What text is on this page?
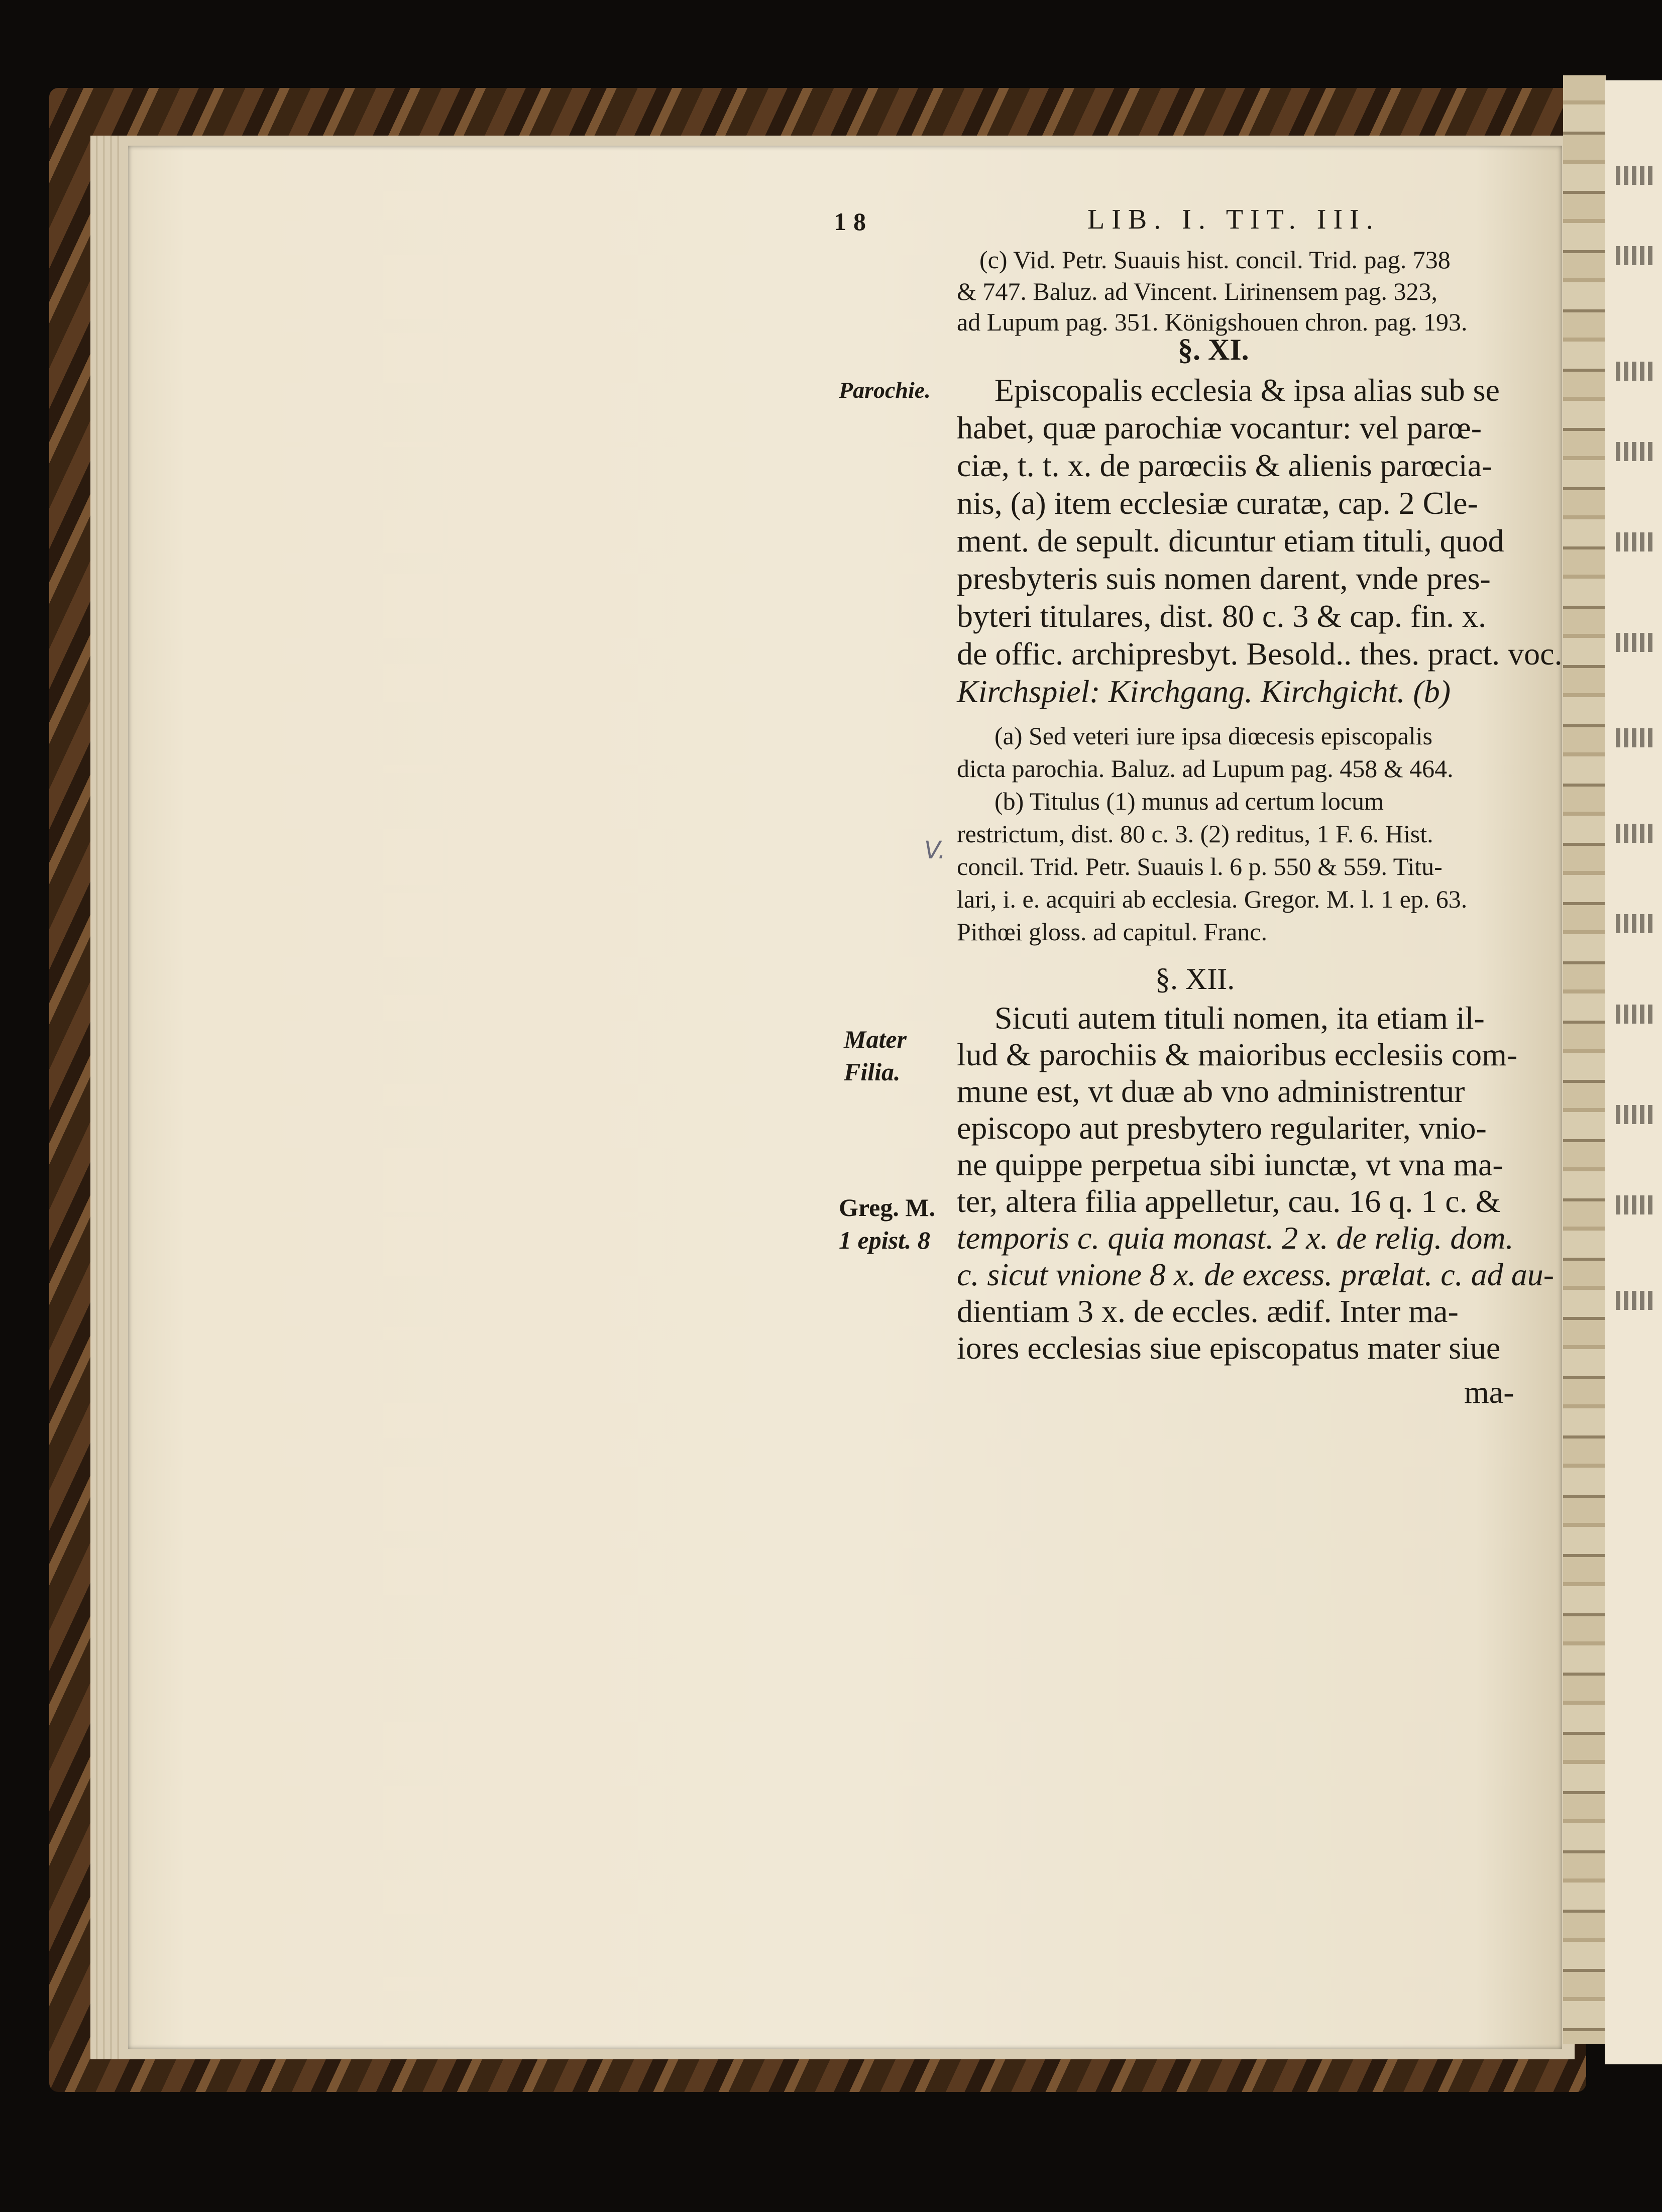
18	LIB. I. TIT. III.
(c) Vid. Petr. Suauis hist. concil. Trid. pag. 738
& 747. Baluz. ad Vincent. Lirinensem pag. 323,
ad Lupum pag. 351. Königshouen chron. pag. 193.
§. XI.
Parochie. Episcopalis ecclesia & ipsa alias sub se
habet, quæ parochiæ vocantur: vel parœ-
ciæ, t. t. x. de parœciis & alienis parœcia-
nis, (a) item ecclesiæ curatæ, cap. 2 Cle-
ment. de sepult. dicuntur etiam tituli, quod
presbyteris suis nomen darent, vnde pres-
byteri titulares, dist. 80 c. 3 & cap. fin. x.
de offic. archipresbyt. Besold.. thes. pract. voc.
Kirchspiel: Kirchgang. Kirchgicht. (b)
(a) Sed veteri iure ipsa diœcesis episcopalis
dicta parochia. Baluz. ad Lupum pag. 458 & 464.
(b) Titulus (1) munus ad certum locum
restrictum, dist. 80 c. 3. (2) reditus, 1 F. 6. Hist.
concil. Trid. Petr. Suauis l. 6 p. 550 & 559. Titu-
lari, i. e. acquiri ab ecclesia. Gregor. M. l. 1 ep. 63.
Pithœi gloss. ad capitul. Franc.
V.
§. XII.
Mater
Filia.
Greg. M.
1 epist. 8
Sicuti autem tituli nomen, ita etiam il-
lud & parochiis & maioribus ecclesiis com-
mune est, vt duæ ab vno administrentur
episcopo aut presbytero regulariter, vnio-
ne quippe perpetua sibi iunctæ, vt vna ma-
ter, altera filia appelletur, cau. 16 q. 1 c. &
temporis c. quia monast. 2 x. de relig. dom.
c. sicut vnione 8 x. de excess. prælat. c. ad au-
dientiam 3 x. de eccles. ædif. Inter ma-
iores ecclesias siue episcopatus mater siue
ma-
